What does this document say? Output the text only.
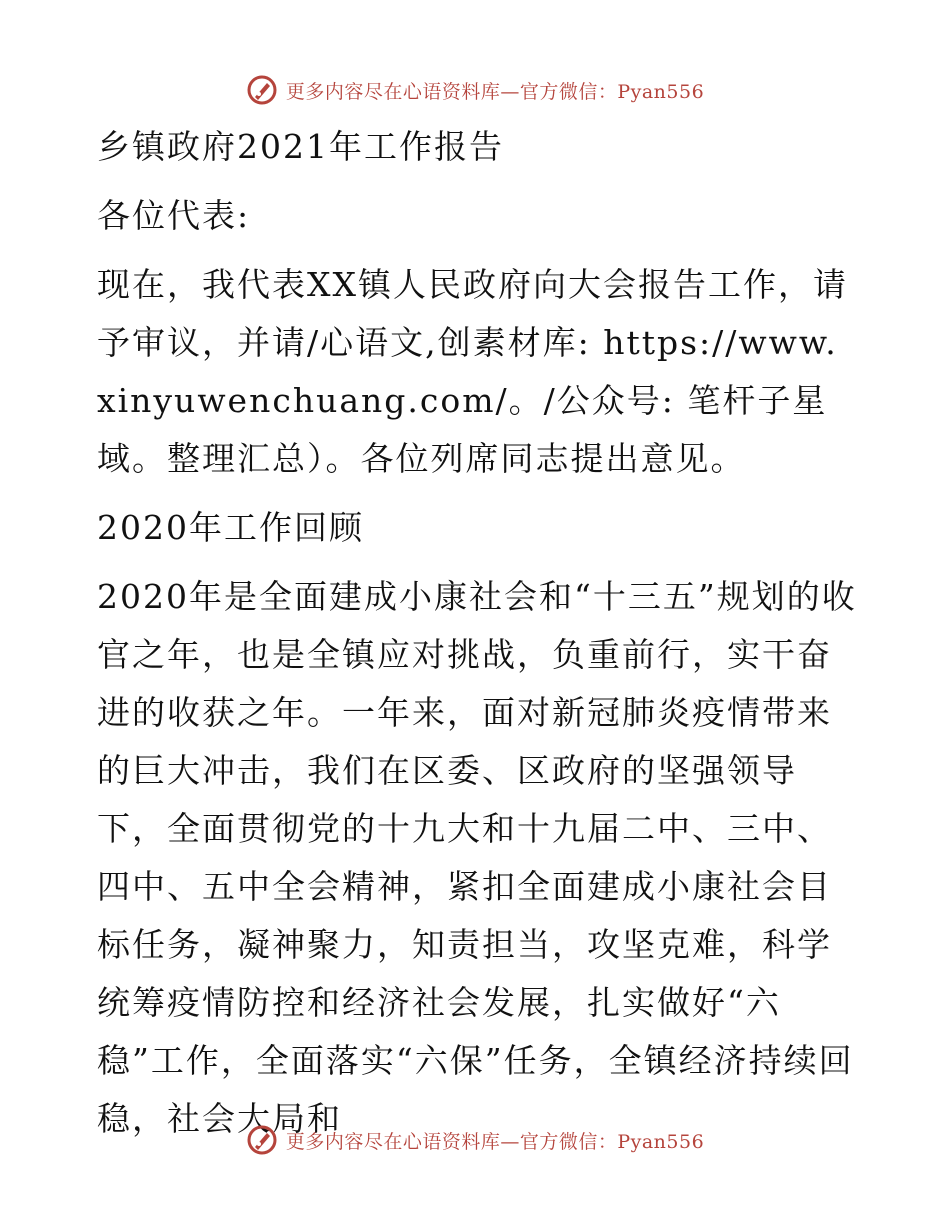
更多内容尽在心语资料库—官方微信：Pyan556

乡镇政府2021年工作报告

各位代表:

现在，我代表XX镇人民政府向大会报告工作，请予审议，并请/心语文,创素材库: https://www.xinyuwenchuang.com/。/公众号: 笔杆子星域。整理汇总）。各位列席同志提出意见。

2020年工作回顾

2020年是全面建成小康社会和“十三五”规划的收官之年，也是全镇应对挑战，负重前行，实干奋进的收获之年。一年来，面对新冠肺炎疫情带来的巨大冲击，我们在区委、区政府的坚强领导下，全面贯彻党的十九大和十九届二中、三中、四中、五中全会精神，紧扣全面建成小康社会目标任务，凝神聚力，知责担当，攻坚克难，科学统筹疫情防控和经济社会发展，扎实做好“六稳”工作，全面落实“六保”任务，全镇经济持续回稳，社会大局和

更多内容尽在心语资料库—官方微信：Pyan556
